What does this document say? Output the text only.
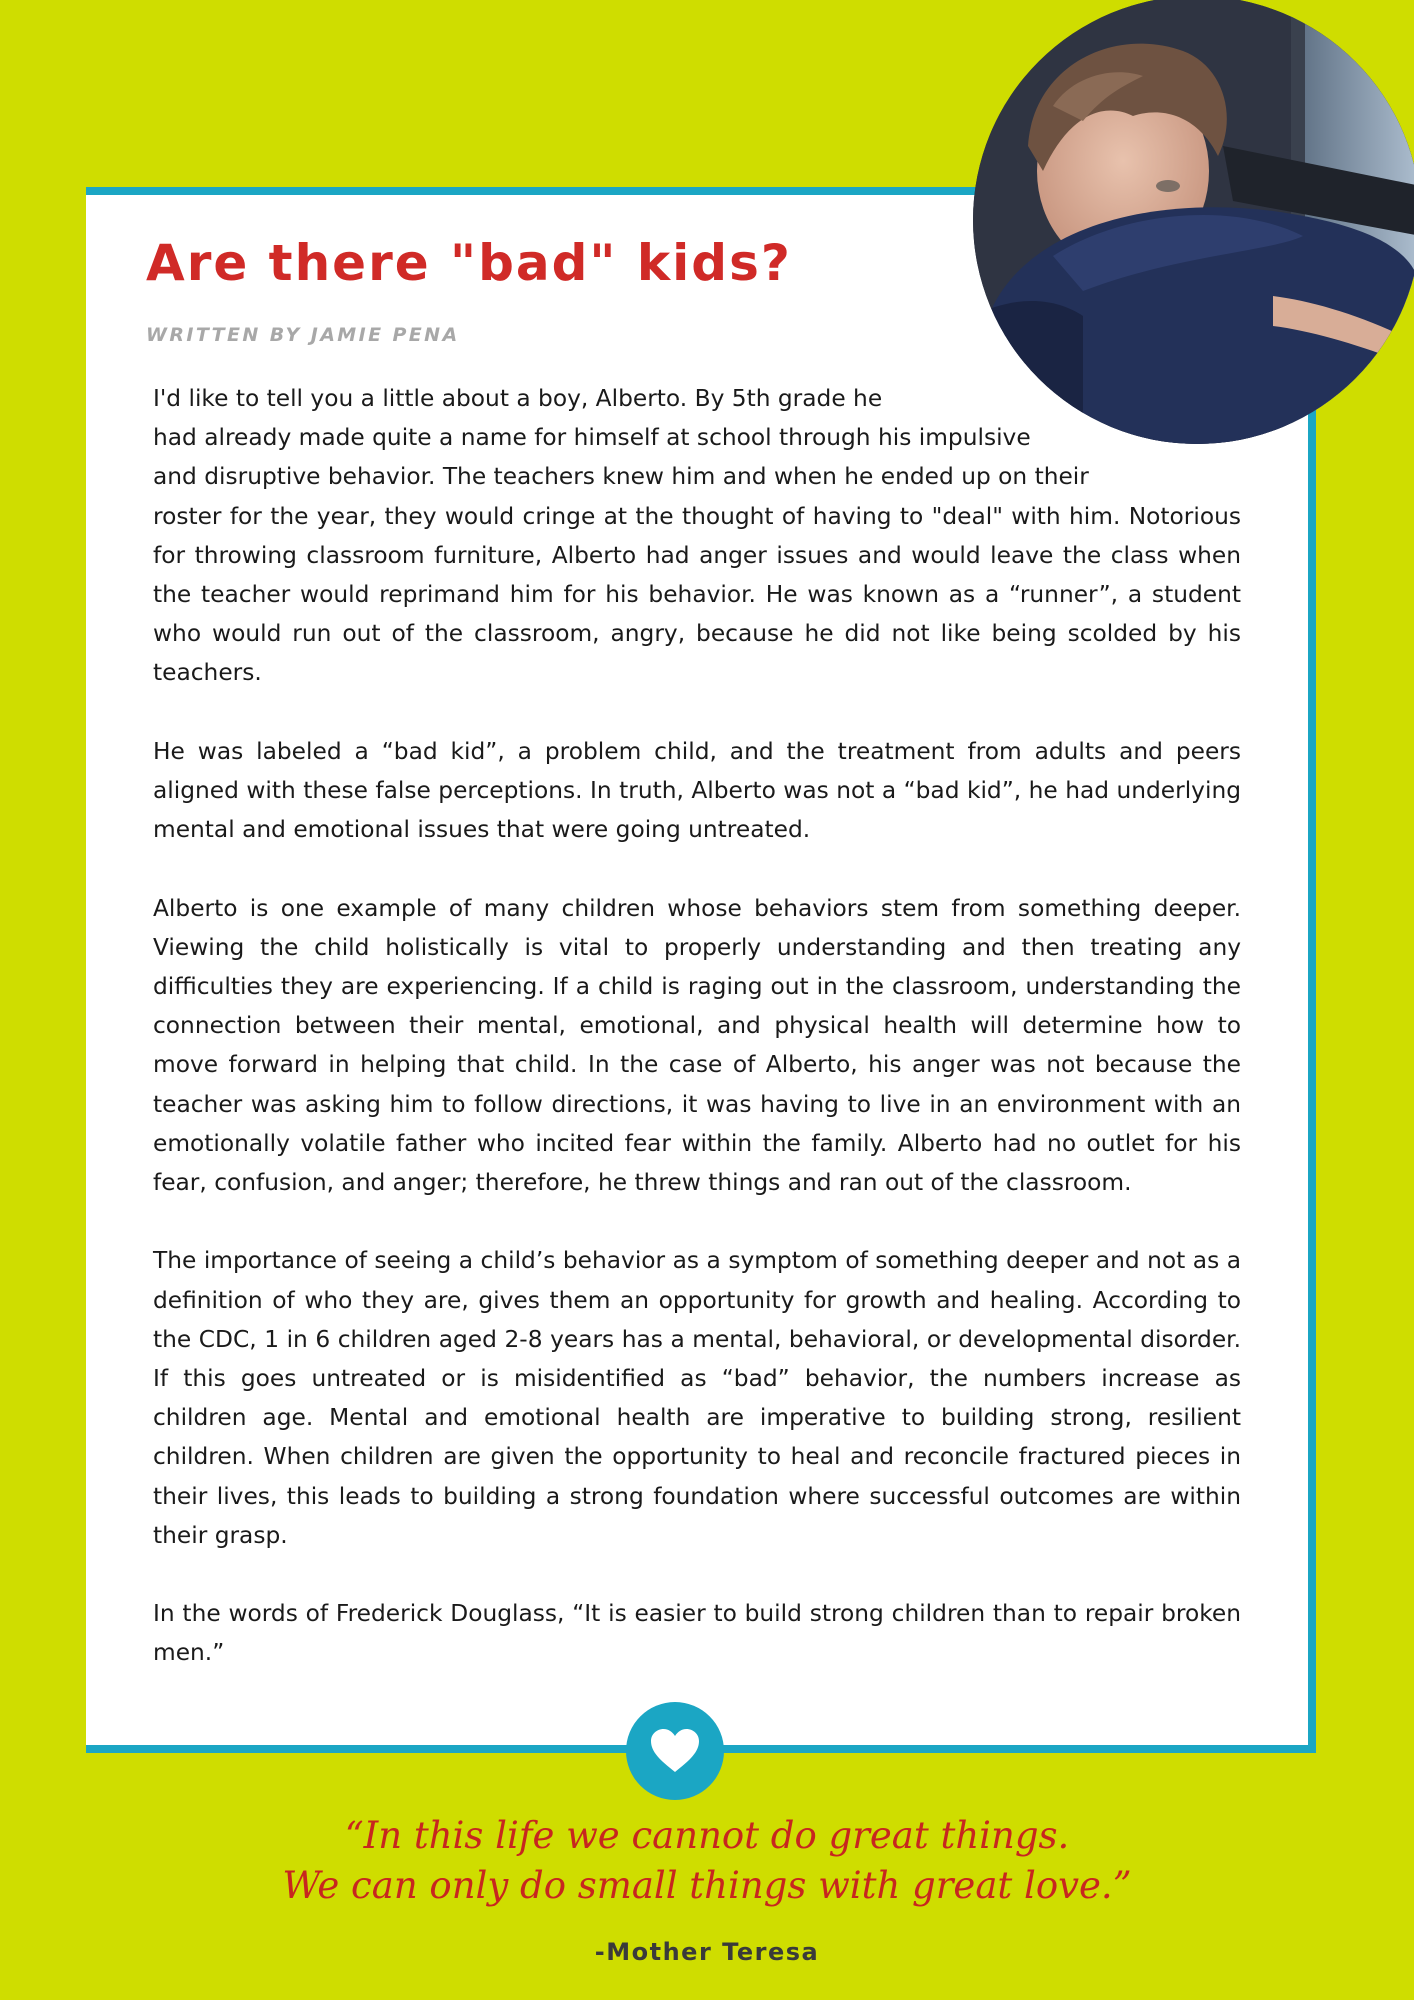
Are there "bad" kids?
WRITTEN BY JAMIE PENA

I'd like to tell you a little about a boy, Alberto. By 5th grade he
had already made quite a name for himself at school through his impulsive
and disruptive behavior. The teachers knew him and when he ended up on their

roster for the year, they would cringe at the thought of having to "deal" with him. Notorious for throwing classroom furniture, Alberto had anger issues and would leave the class when the teacher would reprimand him for his behavior. He was known as a “runner”, a student who would run out of the classroom, angry, because he did not like being scolded by his teachers.

He was labeled a “bad kid”, a problem child, and the treatment from adults and peers aligned with these false perceptions. In truth, Alberto was not a “bad kid”, he had underlying mental and emotional issues that were going untreated.

Alberto is one example of many children whose behaviors stem from something deeper. Viewing the child holistically is vital to properly understanding and then treating any difficulties they are experiencing. If a child is raging out in the classroom, understanding the connection between their mental, emotional, and physical health will determine how to move forward in helping that child. In the case of Alberto, his anger was not because the teacher was asking him to follow directions, it was having to live in an environment with an emotionally volatile father who incited fear within the family. Alberto had no outlet for his fear, confusion, and anger; therefore, he threw things and ran out of the classroom.

The importance of seeing a child’s behavior as a symptom of something deeper and not as a definition of who they are, gives them an opportunity for growth and healing. According to the CDC, 1 in 6 children aged 2-8 years has a mental, behavioral, or developmental disorder. If this goes untreated or is misidentified as “bad” behavior, the numbers increase as children age. Mental and emotional health are imperative to building strong, resilient children. When children are given the opportunity to heal and reconcile fractured pieces in their lives, this leads to building a strong foundation where successful outcomes are within their grasp.

In the words of Frederick Douglass, “It is easier to build strong children than to repair broken men.”

“In this life we cannot do great things.
We can only do small things with great love.”
-Mother Teresa
